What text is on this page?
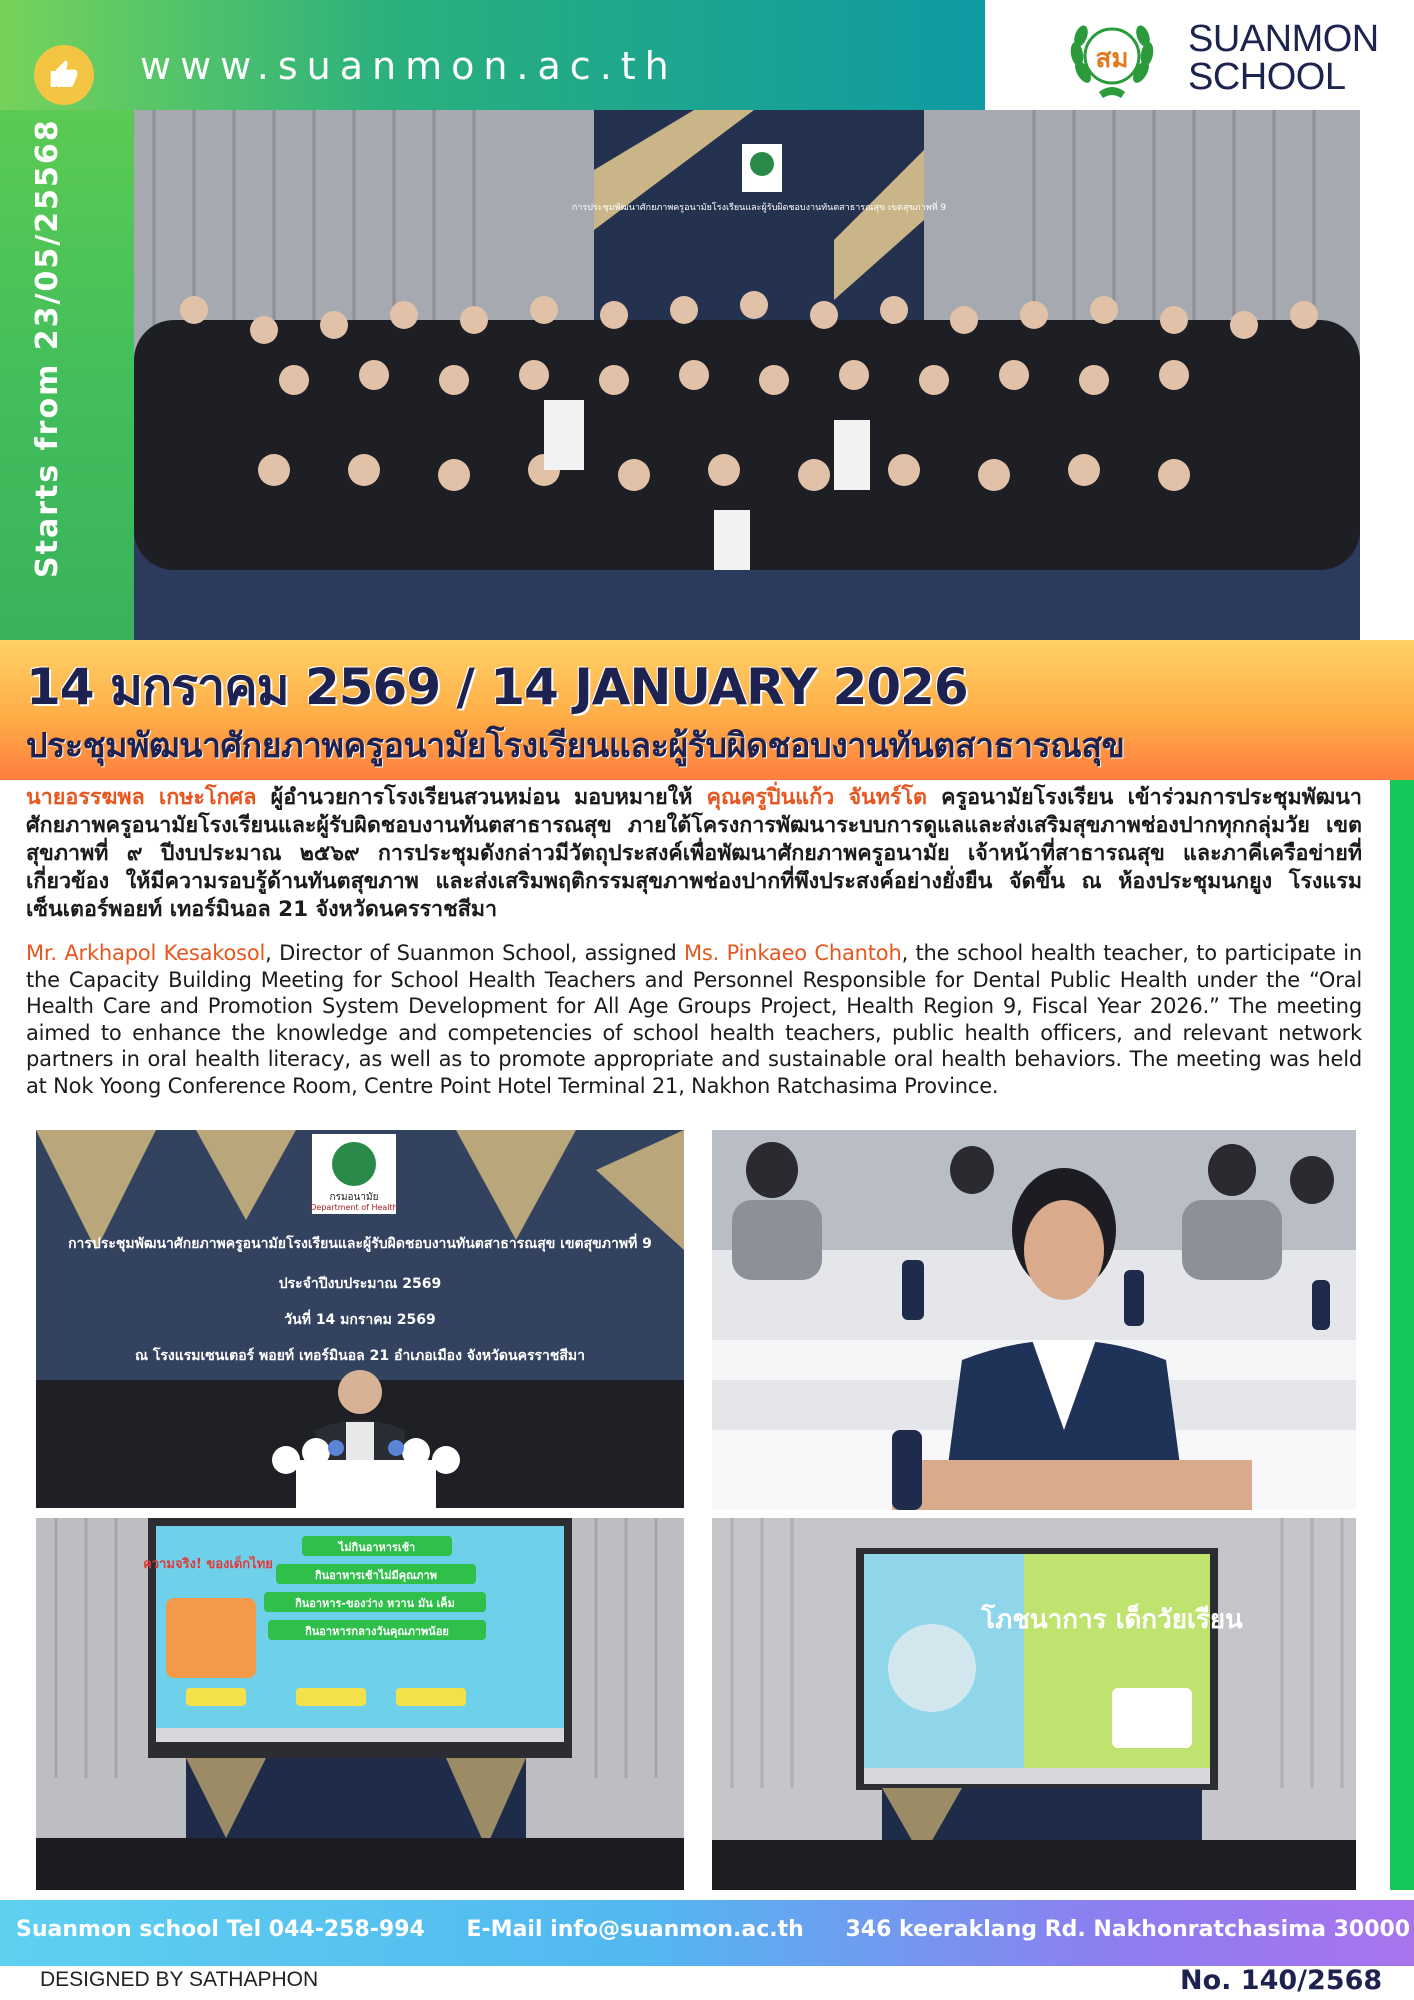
www.suanmon.ac.th
Starts from 23/05/25568
สม SUANMON
SCHOOL
การประชุมพัฒนาศักยภาพครูอนามัยโรงเรียนและผู้รับผิดชอบงานทันตสาธารณสุข เขตสุขภาพที่ 9
14 มกราคม 2569 / 14 JANUARY 2026
ประชุมพัฒนาศักยภาพครูอนามัยโรงเรียนและผู้รับผิดชอบงานทันตสาธารณสุข
นายอรรฆพล เกษะโกศล ผู้อำนวยการโรงเรียนสวนหม่อน มอบหมายให้ คุณครูปิ่นแก้ว จันทร์โต ครูอนามัยโรงเรียน เข้าร่วมการประชุมพัฒนาศักยภาพครูอนามัยโรงเรียนและผู้รับผิดชอบงานทันตสาธารณสุข ภายใต้โครงการพัฒนาระบบการดูแลและส่งเสริมสุขภาพช่องปากทุกกลุ่มวัย เขตสุขภาพที่ ๙ ปีงบประมาณ ๒๕๖๙ การประชุมดังกล่าวมีวัตถุประสงค์เพื่อพัฒนาศักยภาพครูอนามัย เจ้าหน้าที่สาธารณสุข และภาคีเครือข่ายที่เกี่ยวข้อง ให้มีความรอบรู้ด้านทันตสุขภาพ และส่งเสริมพฤติกรรมสุขภาพช่องปากที่พึงประสงค์อย่างยั่งยืน จัดขึ้น ณ ห้องประชุมนกยูง โรงแรมเซ็นเตอร์พอยท์ เทอร์มินอล 21 จังหวัดนครราชสีมา
Mr. Arkhapol Kesakosol, Director of Suanmon School, assigned Ms. Pinkaeo Chantoh, the school health teacher, to participate in the Capacity Building Meeting for School Health Teachers and Personnel Responsible for Dental Public Health under the “Oral Health Care and Promotion System Development for All Age Groups Project, Health Region 9, Fiscal Year 2026.” The meeting aimed to enhance the knowledge and competencies of school health teachers, public health officers, and relevant network partners in oral health literacy, as well as to promote appropriate and sustainable oral health behaviors. The meeting was held at Nok Yoong Conference Room, Centre Point Hotel Terminal 21, Nakhon Ratchasima Province.
กรมอนามัย
Department of Health
การประชุมพัฒนาศักยภาพครูอนามัยโรงเรียนและผู้รับผิดชอบงานทันตสาธารณสุข เขตสุขภาพที่ 9
ประจำปีงบประมาณ 2569
วันที่ 14 มกราคม 2569
ณ โรงแรมเซนเตอร์ พอยท์ เทอร์มินอล 21 อำเภอเมือง จังหวัดนครราชสีมา
ความจริง! ของเด็กไทย
ไม่กินอาหารเช้า
กินอาหารเช้าไม่มีคุณภาพ
กินอาหาร-ของว่าง หวาน มัน เค็ม
กินอาหารกลางวันคุณภาพน้อย	โภชนาการ เด็กวัยเรียน
Suanmon school Tel 044-258-994 E-Mail info@suanmon.ac.th 346 keeraklang Rd. Nakhonratchasima 30000
DESIGNED BY SATHAPHON	No. 140/2568
